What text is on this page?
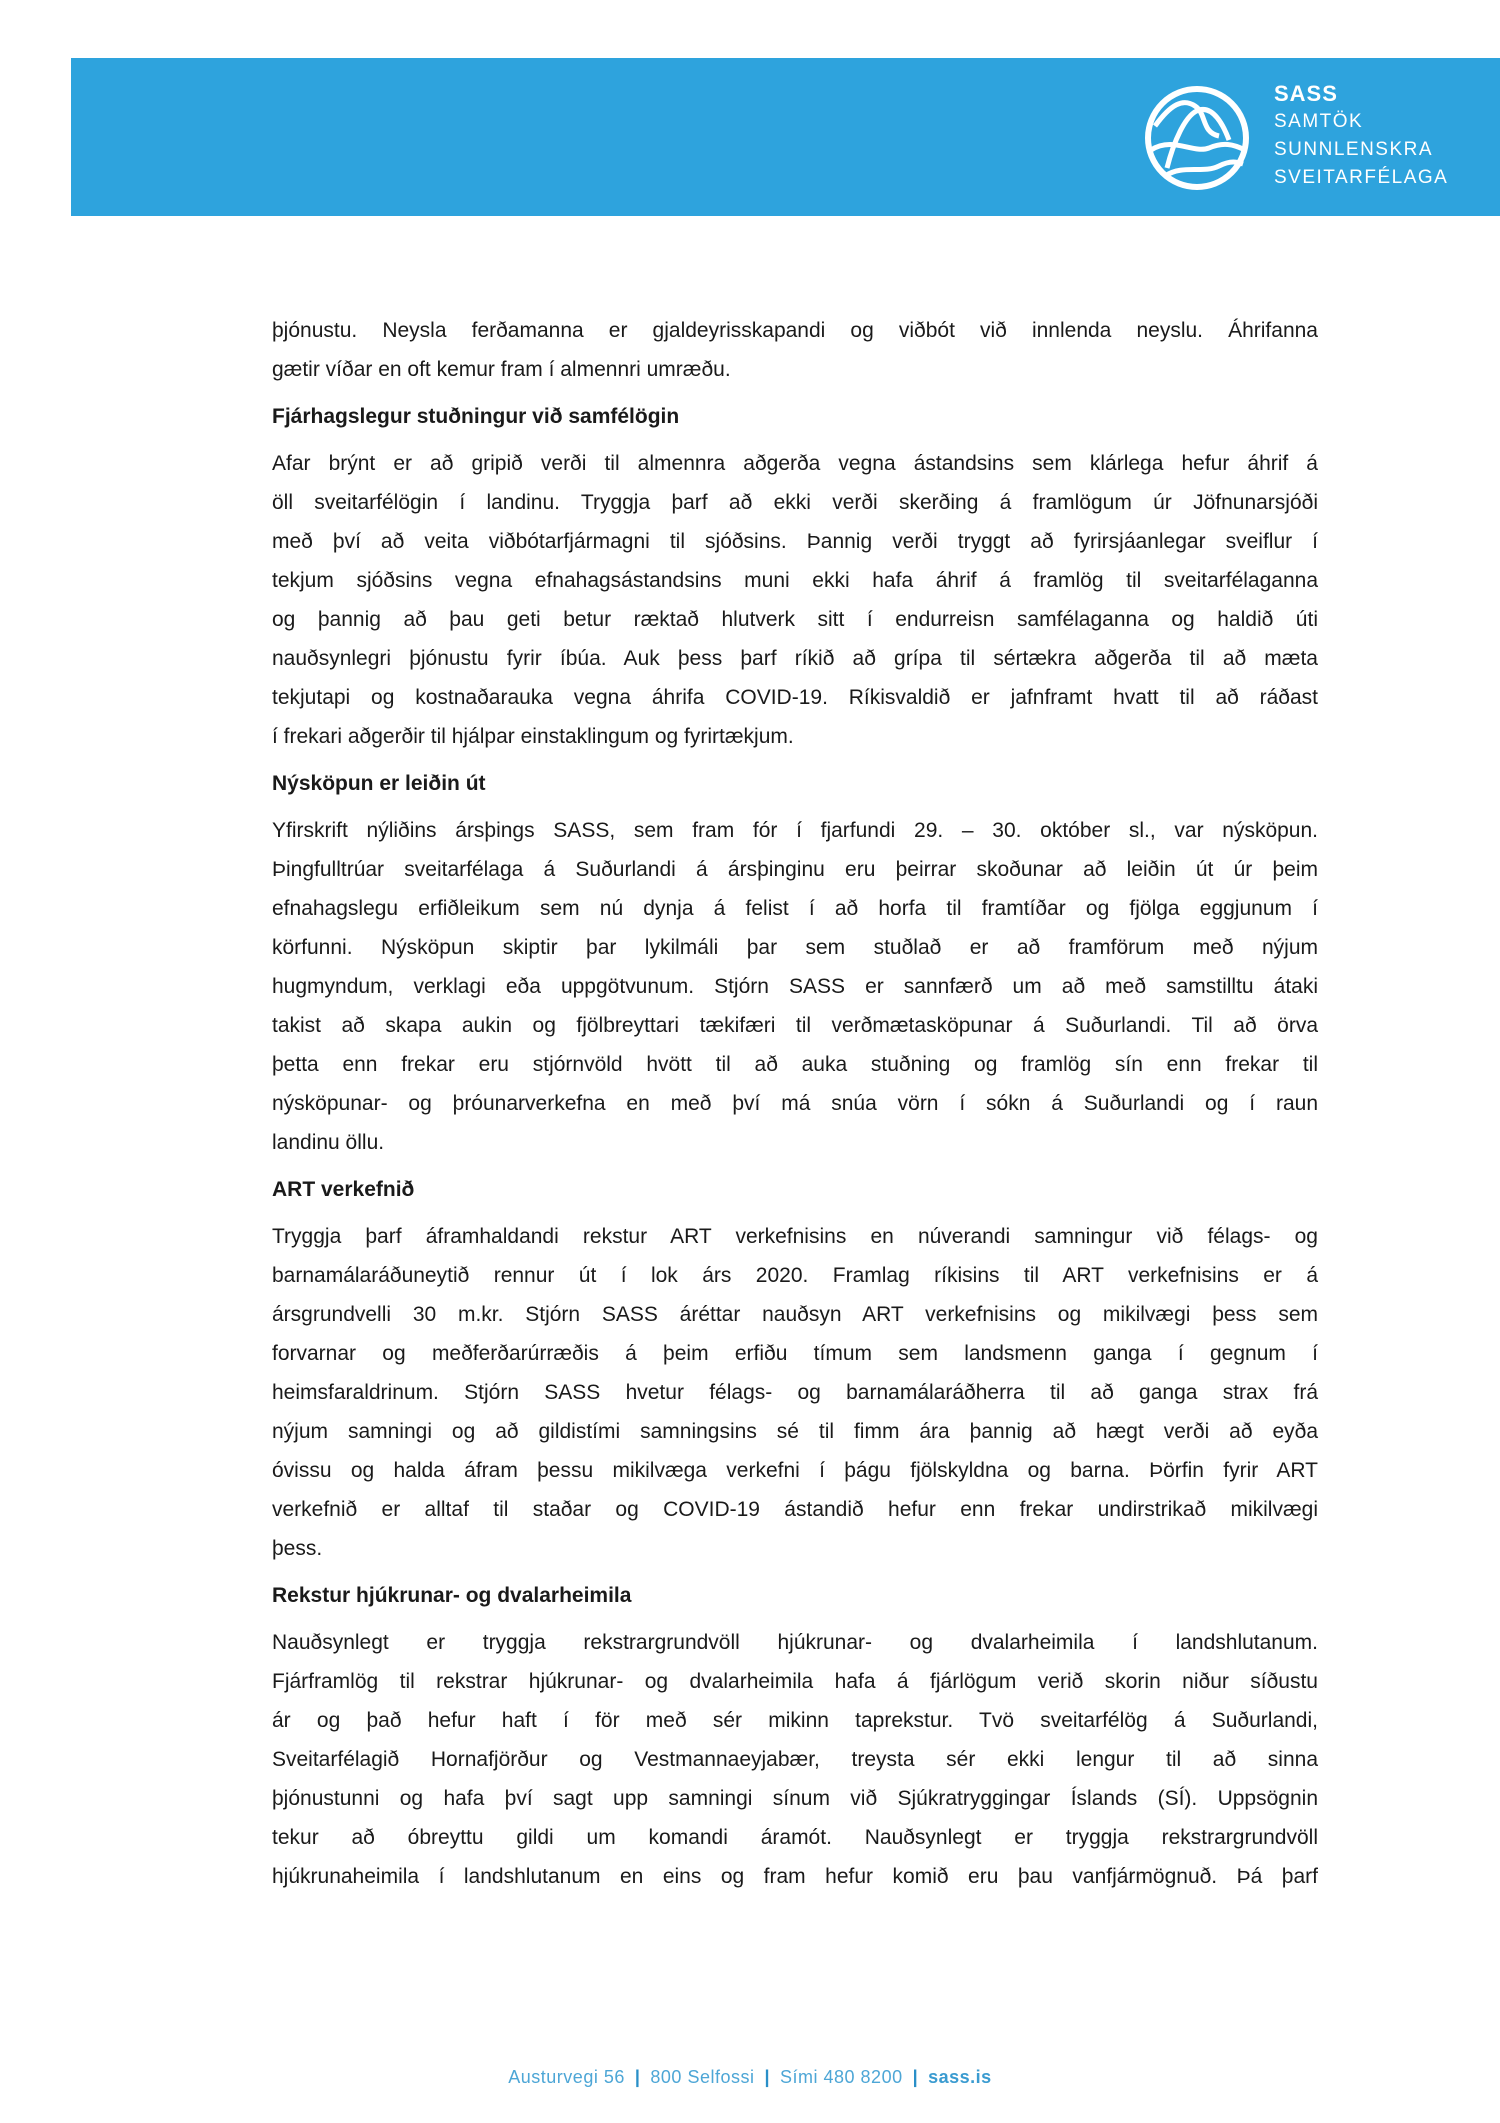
SASS
SAMTÖK
SUNNLENSKRA
SVEITARFÉLAGA
þjónustu. Neysla ferðamanna er gjaldeyrisskapandi og viðbót við innlenda neyslu. Áhrifanna
gætir víðar en oft kemur fram í almennri umræðu.
Fjárhagslegur stuðningur við samfélögin
Afar brýnt er að gripið verði til almennra aðgerða vegna ástandsins sem klárlega hefur áhrif á
öll sveitarfélögin í landinu. Tryggja þarf að ekki verði skerðing á framlögum úr Jöfnunarsjóði
með því að veita viðbótarfjármagni til sjóðsins. Þannig verði tryggt að fyrirsjáanlegar sveiflur í
tekjum sjóðsins vegna efnahagsástandsins muni ekki hafa áhrif á framlög til sveitarfélaganna
og þannig að þau geti betur ræktað hlutverk sitt í endurreisn samfélaganna og haldið úti
nauðsynlegri þjónustu fyrir íbúa. Auk þess þarf ríkið að grípa til sértækra aðgerða til að mæta
tekjutapi og kostnaðarauka vegna áhrifa COVID-19. Ríkisvaldið er jafnframt hvatt til að ráðast
í frekari aðgerðir til hjálpar einstaklingum og fyrirtækjum.
Nýsköpun er leiðin út
Yfirskrift nýliðins ársþings SASS, sem fram fór í fjarfundi 29. – 30. október sl., var nýsköpun.
Þingfulltrúar sveitarfélaga á Suðurlandi á ársþinginu eru þeirrar skoðunar að leiðin út úr þeim
efnahagslegu erfiðleikum sem nú dynja á felist í að horfa til framtíðar og fjölga eggjunum í
körfunni. Nýsköpun skiptir þar lykilmáli þar sem stuðlað er að framförum með nýjum
hugmyndum, verklagi eða uppgötvunum. Stjórn SASS er sannfærð um að með samstilltu átaki
takist að skapa aukin og fjölbreyttari tækifæri til verðmætasköpunar á Suðurlandi. Til að örva
þetta enn frekar eru stjórnvöld hvött til að auka stuðning og framlög sín enn frekar til
nýsköpunar- og þróunarverkefna en með því má snúa vörn í sókn á Suðurlandi og í raun
landinu öllu.
ART verkefnið
Tryggja þarf áframhaldandi rekstur ART verkefnisins en núverandi samningur við félags- og
barnamálaráðuneytið rennur út í lok árs 2020. Framlag ríkisins til ART verkefnisins er á
ársgrundvelli 30 m.kr. Stjórn SASS áréttar nauðsyn ART verkefnisins og mikilvægi þess sem
forvarnar og meðferðarúrræðis á þeim erfiðu tímum sem landsmenn ganga í gegnum í
heimsfaraldrinum. Stjórn SASS hvetur félags- og barnamálaráðherra til að ganga strax frá
nýjum samningi og að gildistími samningsins sé til fimm ára þannig að hægt verði að eyða
óvissu og halda áfram þessu mikilvæga verkefni í þágu fjölskyldna og barna. Þörfin fyrir ART
verkefnið er alltaf til staðar og COVID-19 ástandið hefur enn frekar undirstrikað mikilvægi
þess.
Rekstur hjúkrunar- og dvalarheimila
Nauðsynlegt er tryggja rekstrargrundvöll hjúkrunar- og dvalarheimila í landshlutanum.
Fjárframlög til rekstrar hjúkrunar- og dvalarheimila hafa á fjárlögum verið skorin niður síðustu
ár og það hefur haft í för með sér mikinn taprekstur. Tvö sveitarfélög á Suðurlandi,
Sveitarfélagið Hornafjörður og Vestmannaeyjabær, treysta sér ekki lengur til að sinna
þjónustunni og hafa því sagt upp samningi sínum við Sjúkratryggingar Íslands (SÍ). Uppsögnin
tekur að óbreyttu gildi um komandi áramót. Nauðsynlegt er tryggja rekstrargrundvöll
hjúkrunaheimila í landshlutanum en eins og fram hefur komið eru þau vanfjármögnuð. Þá þarf
Austurvegi 56 | 800 Selfossi | Sími 480 8200 | sass.is
